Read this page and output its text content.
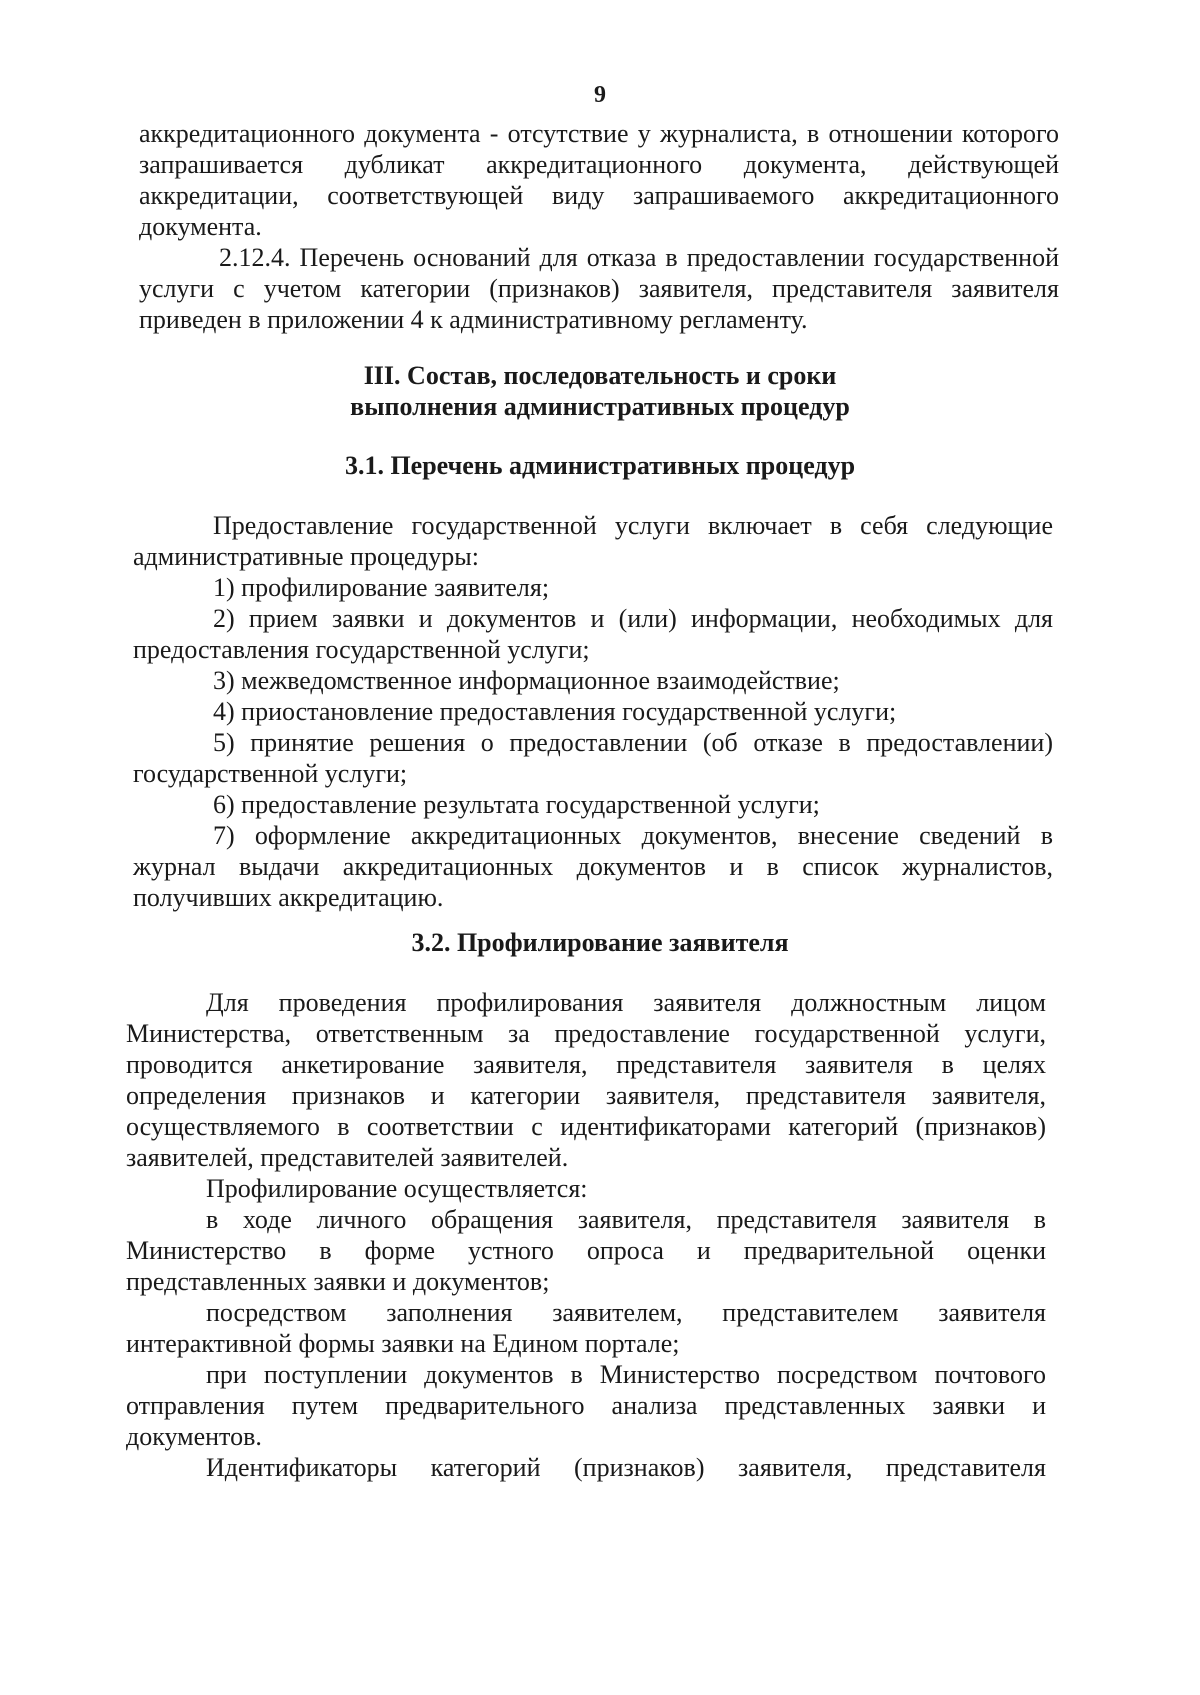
9

аккредитационного документа - отсутствие у журналиста, в отношении которого запрашивается дубликат аккредитационного документа, действующей аккредитации, соответствующей виду запрашиваемого аккредитационного документа.

2.12.4. Перечень оснований для отказа в предоставлении государственной услуги с учетом категории (признаков) заявителя, представителя заявителя приведен в приложении 4 к административному регламенту.

III. Состав, последовательность и сроки
выполнения административных процедур
3.1. Перечень административных процедур

Предоставление государственной услуги включает в себя следующие административные процедуры:

1) профилирование заявителя;

2) прием заявки и документов и (или) информации, необходимых для предоставления государственной услуги;

3) межведомственное информационное взаимодействие;

4) приостановление предоставления государственной услуги;

5) принятие решения о предоставлении (об отказе в предоставлении) государственной услуги;

6) предоставление результата государственной услуги;

7) оформление аккредитационных документов, внесение сведений в журнал выдачи аккредитационных документов и в список журналистов, получивших аккредитацию.

3.2. Профилирование заявителя

Для проведения профилирования заявителя должностным лицом Министерства, ответственным за предоставление государственной услуги, проводится анкетирование заявителя, представителя заявителя в целях определения признаков и категории заявителя, представителя заявителя, осуществляемого в соответствии с идентификаторами категорий (признаков) заявителей, представителей заявителей.

Профилирование осуществляется:

в ходе личного обращения заявителя, представителя заявителя в Министерство в форме устного опроса и предварительной оценки представленных заявки и документов;

посредством заполнения заявителем, представителем заявителя интерактивной формы заявки на Едином портале;

при поступлении документов в Министерство посредством почтового отправления путем предварительного анализа представленных заявки и документов.

Идентификаторы категорий (признаков) заявителя, представителя
